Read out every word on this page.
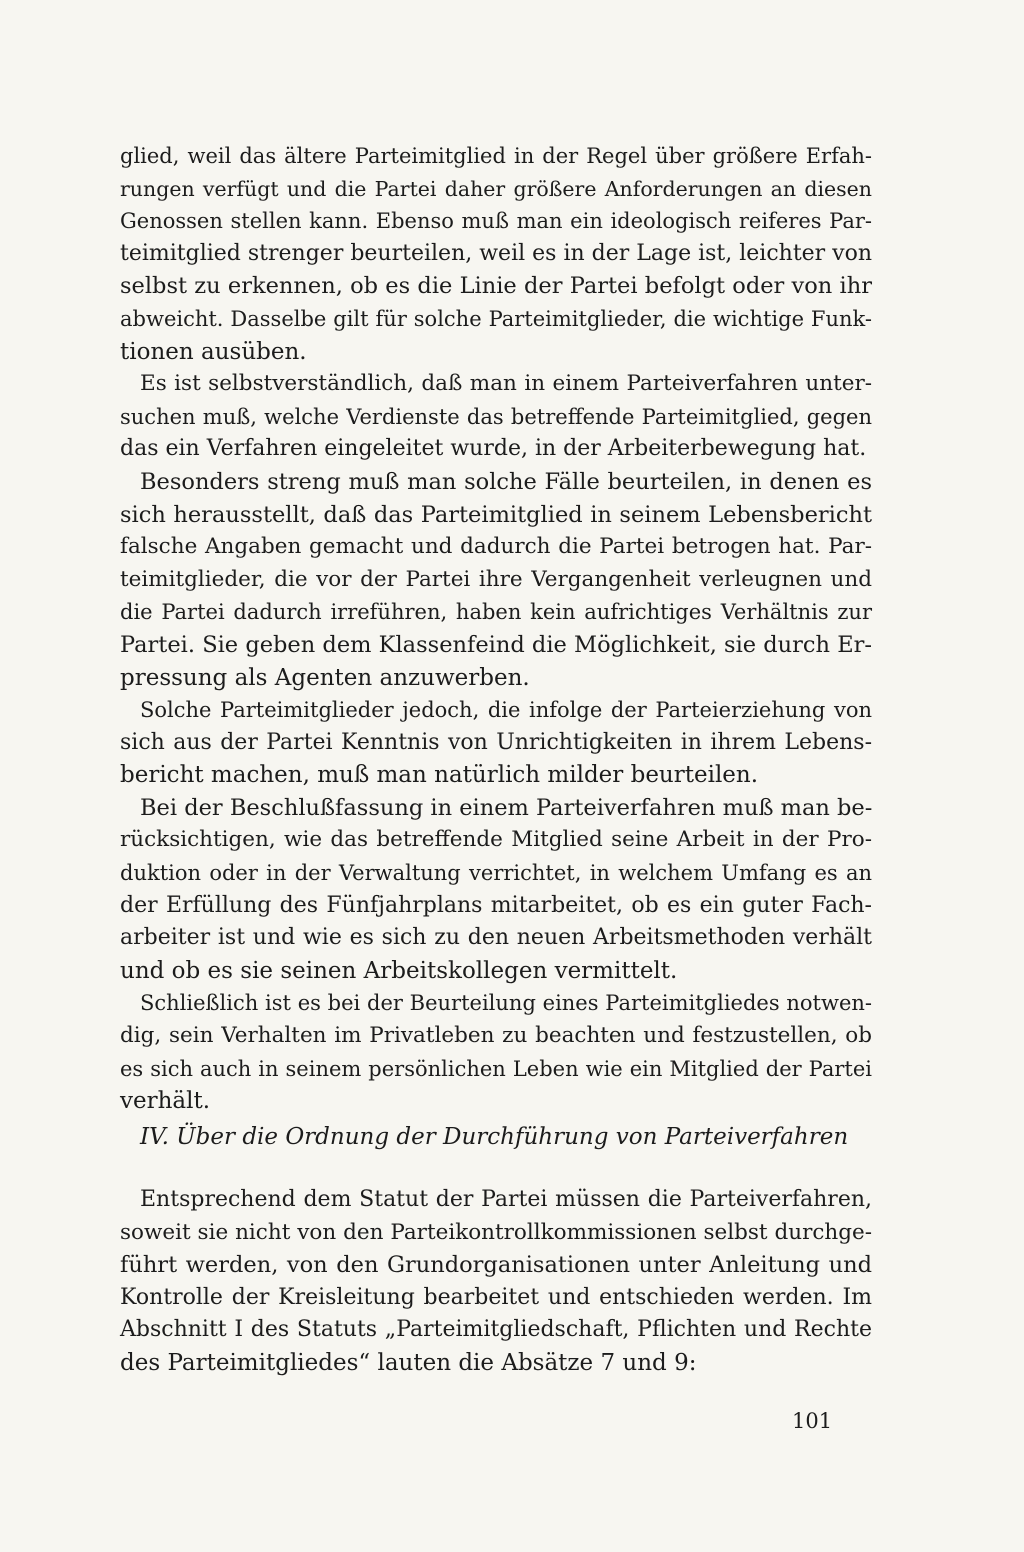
glied, weil das ältere Parteimitglied in der Regel über größere Erfah-
rungen verfügt und die Partei daher größere Anforderungen an diesen
Genossen stellen kann. Ebenso muß man ein ideologisch reiferes Par-
teimitglied strenger beurteilen, weil es in der Lage ist, leichter von
selbst zu erkennen, ob es die Linie der Partei befolgt oder von ihr
abweicht. Dasselbe gilt für solche Parteimitglieder, die wichtige Funk-
tionen ausüben.
Es ist selbstverständlich, daß man in einem Parteiverfahren unter-
suchen muß, welche Verdienste das betreffende Parteimitglied, gegen
das ein Verfahren eingeleitet wurde, in der Arbeiterbewegung hat.
Besonders streng muß man solche Fälle beurteilen, in denen es
sich herausstellt, daß das Parteimitglied in seinem Lebensbericht
falsche Angaben gemacht und dadurch die Partei betrogen hat. Par-
teimitglieder, die vor der Partei ihre Vergangenheit verleugnen und
die Partei dadurch irreführen, haben kein aufrichtiges Verhältnis zur
Partei. Sie geben dem Klassenfeind die Möglichkeit, sie durch Er-
pressung als Agenten anzuwerben.
Solche Parteimitglieder jedoch, die infolge der Parteierziehung von
sich aus der Partei Kenntnis von Unrichtigkeiten in ihrem Lebens-
bericht machen, muß man natürlich milder beurteilen.
Bei der Beschlußfassung in einem Parteiverfahren muß man be-
rücksichtigen, wie das betreffende Mitglied seine Arbeit in der Pro-
duktion oder in der Verwaltung verrichtet, in welchem Umfang es an
der Erfüllung des Fünfjahrplans mitarbeitet, ob es ein guter Fach-
arbeiter ist und wie es sich zu den neuen Arbeitsmethoden verhält
und ob es sie seinen Arbeitskollegen vermittelt.
Schließlich ist es bei der Beurteilung eines Parteimitgliedes notwen-
dig, sein Verhalten im Privatleben zu beachten und festzustellen, ob
es sich auch in seinem persönlichen Leben wie ein Mitglied der Partei
verhält.
IV. Über die Ordnung der Durchführung von Parteiverfahren
Entsprechend dem Statut der Partei müssen die Parteiverfahren,
soweit sie nicht von den Parteikontrollkommissionen selbst durchge-
führt werden, von den Grundorganisationen unter Anleitung und
Kontrolle der Kreisleitung bearbeitet und entschieden werden. Im
Abschnitt I des Statuts „Parteimitgliedschaft, Pflichten und Rechte
des Parteimitgliedes“ lauten die Absätze 7 und 9:
101
